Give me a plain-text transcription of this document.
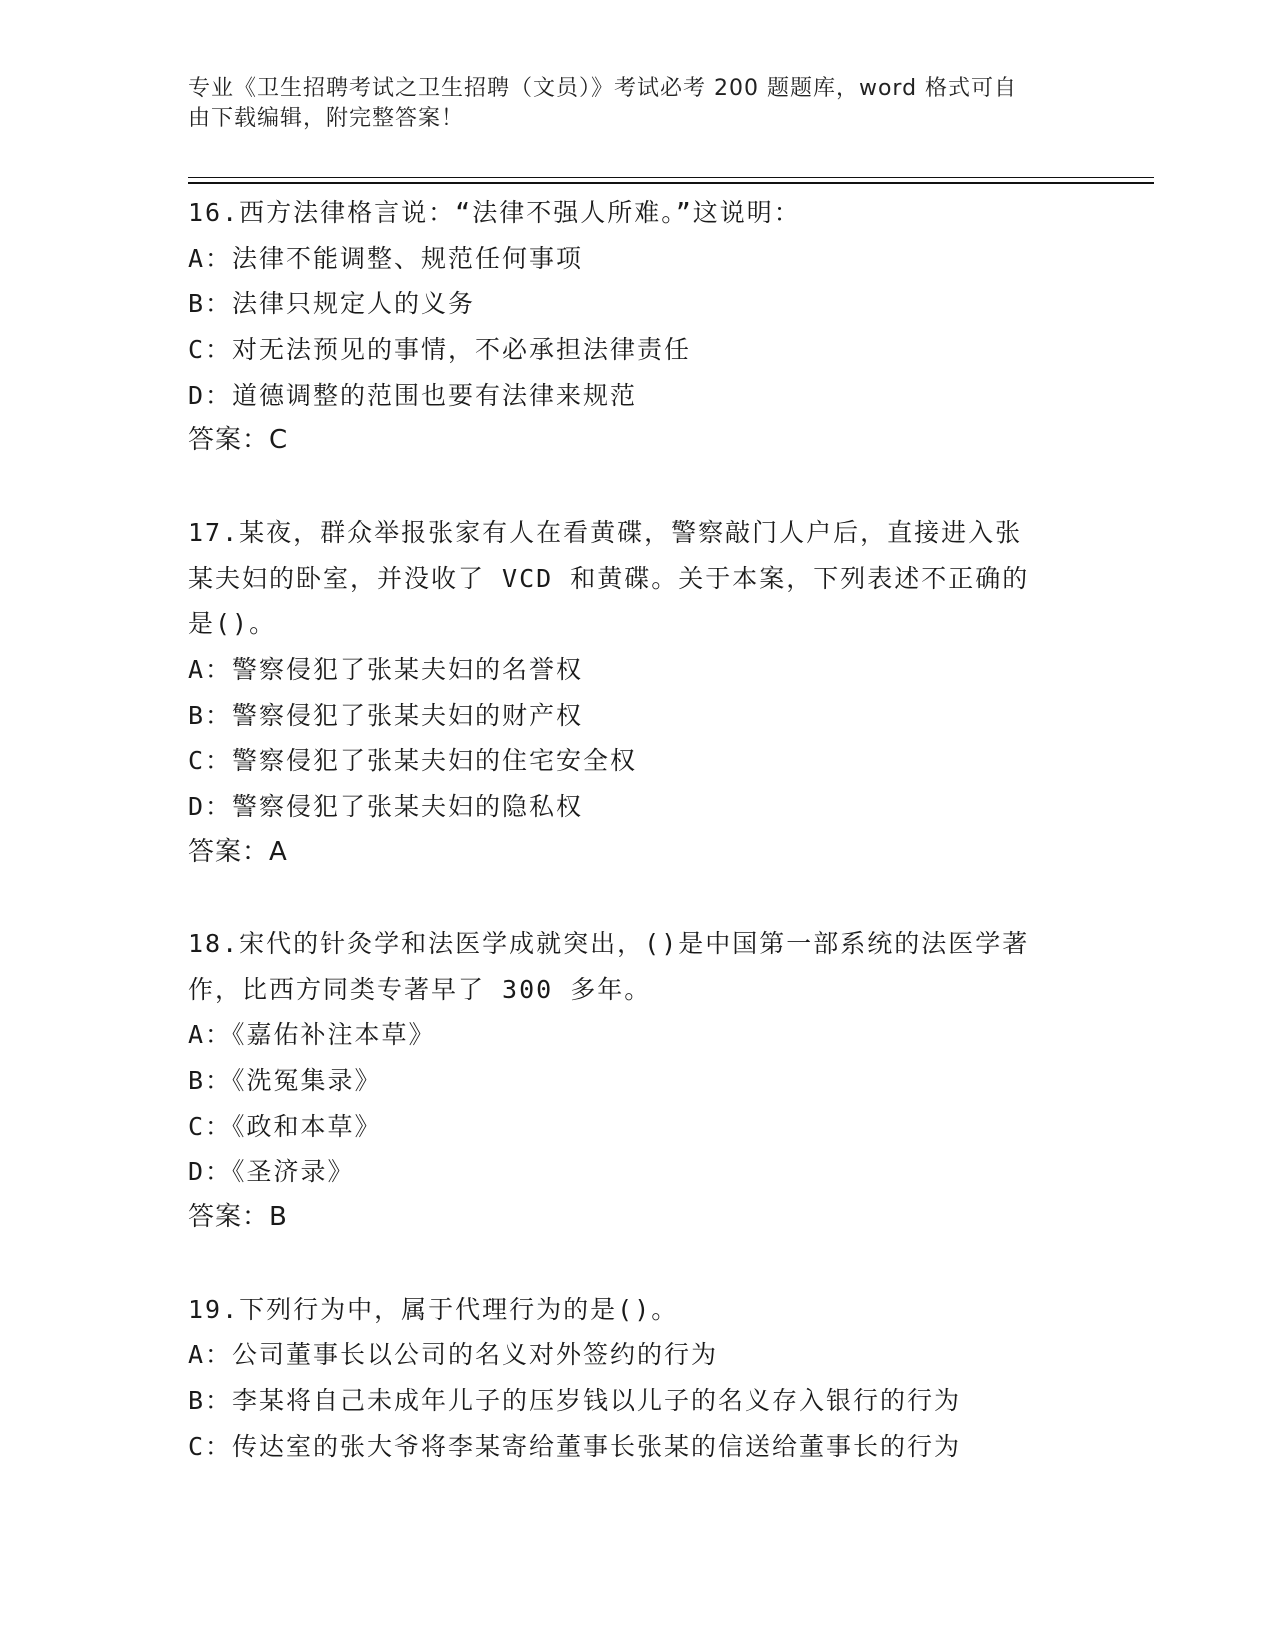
专业《卫生招聘考试之卫生招聘（文员）》考试必考 200 题题库，word 格式可自
由下载编辑，附完整答案！
16.西方法律格言说：“法律不强人所难。”这说明：
A：法律不能调整、规范任何事项
B：法律只规定人的义务
C：对无法预见的事情，不必承担法律责任
D：道德调整的范围也要有法律来规范
答案：C
17.某夜，群众举报张家有人在看黄碟，警察敲门人户后，直接进入张
某夫妇的卧室，并没收了 VCD 和黄碟。关于本案，下列表述不正确的
是()。
A：警察侵犯了张某夫妇的名誉权
B：警察侵犯了张某夫妇的财产权
C：警察侵犯了张某夫妇的住宅安全权
D：警察侵犯了张某夫妇的隐私权
答案：A
18.宋代的针灸学和法医学成就突出，()是中国第一部系统的法医学著
作，比西方同类专著早了 300 多年。
A：《嘉佑补注本草》
B：《洗冤集录》
C：《政和本草》
D：《圣济录》
答案：B
19.下列行为中，属于代理行为的是()。
A：公司董事长以公司的名义对外签约的行为
B：李某将自己未成年儿子的压岁钱以儿子的名义存入银行的行为
C：传达室的张大爷将李某寄给董事长张某的信送给董事长的行为
